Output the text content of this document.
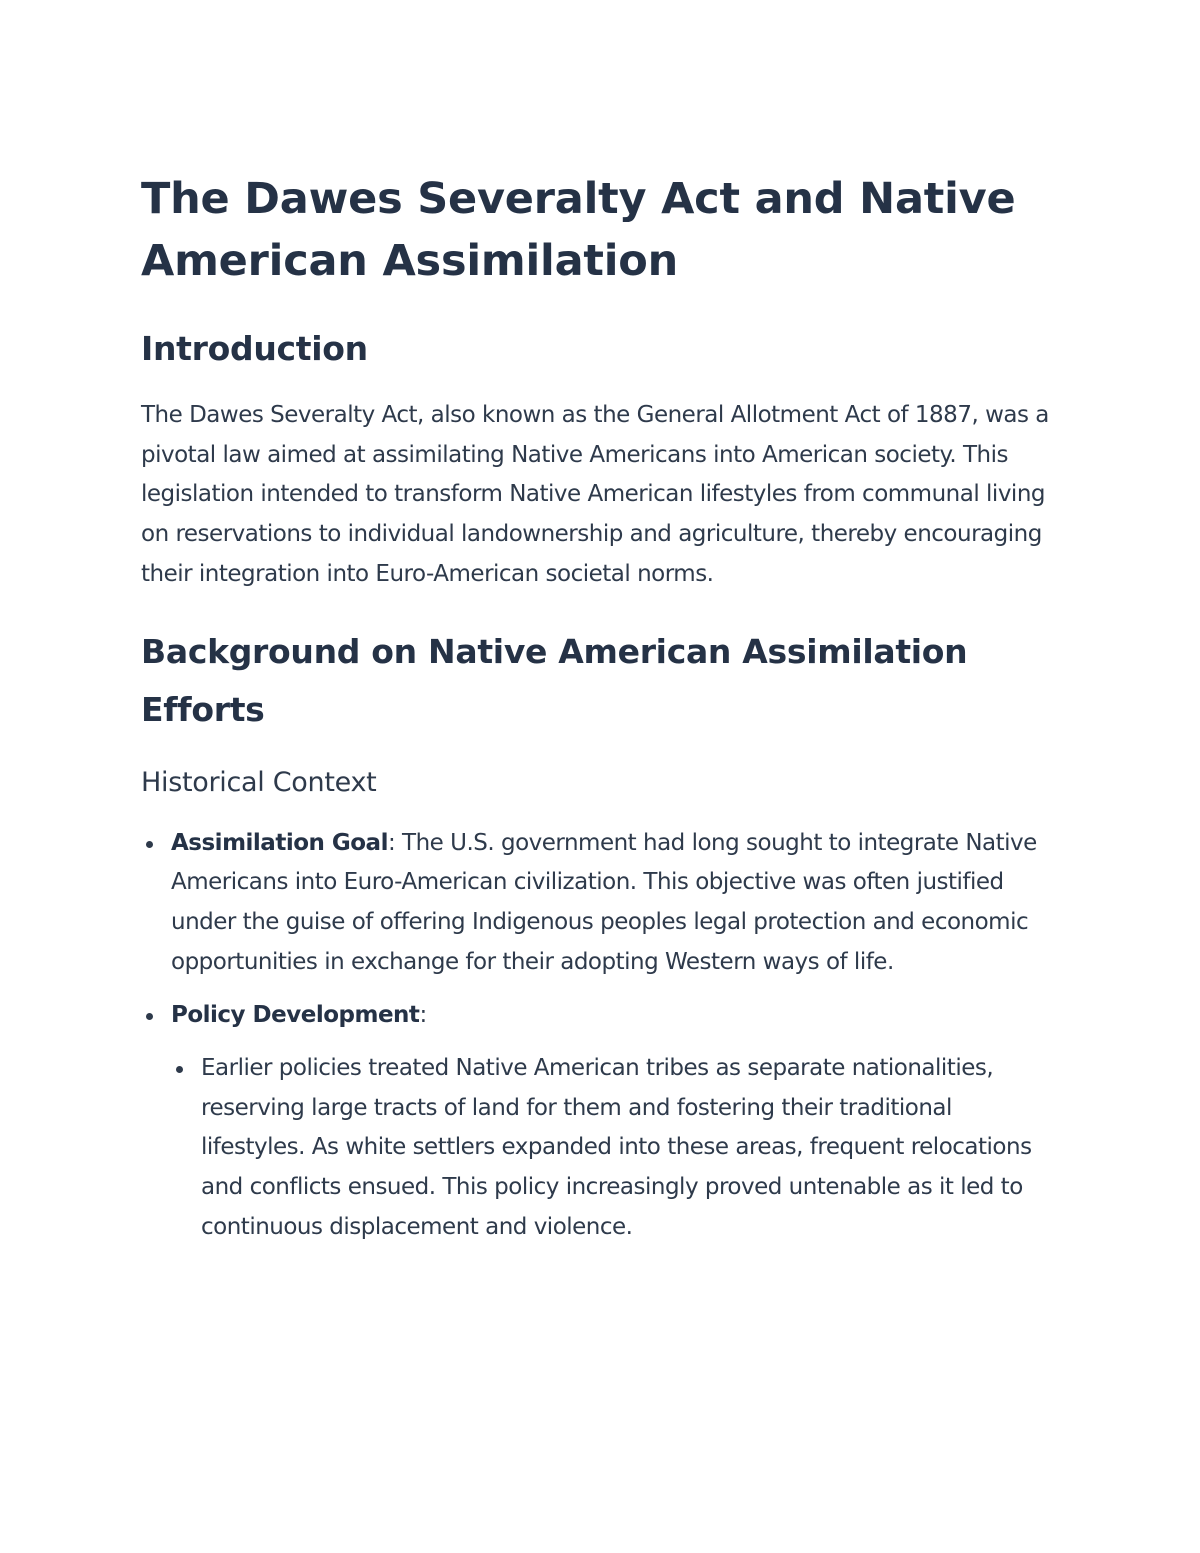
The Dawes Severalty Act and Native American Assimilation
Introduction

The Dawes Severalty Act, also known as the General Allotment Act of 1887, was a pivotal law aimed at assimilating Native Americans into American society. This legislation intended to transform Native American lifestyles from communal living on reservations to individual landownership and agriculture, thereby encouraging their integration into Euro-American societal norms.

Background on Native American Assimilation Efforts
Historical Context
Assimilation Goal: The U.S. government had long sought to integrate Native Americans into Euro-American civilization. This objective was often justified under the guise of offering Indigenous peoples legal protection and economic opportunities in exchange for their adopting Western ways of life.
Policy Development:
Earlier policies treated Native American tribes as separate nationalities, reserving large tracts of land for them and fostering their traditional lifestyles. As white settlers expanded into these areas, frequent relocations and conflicts ensued. This policy increasingly proved untenable as it led to continuous displacement and violence.
